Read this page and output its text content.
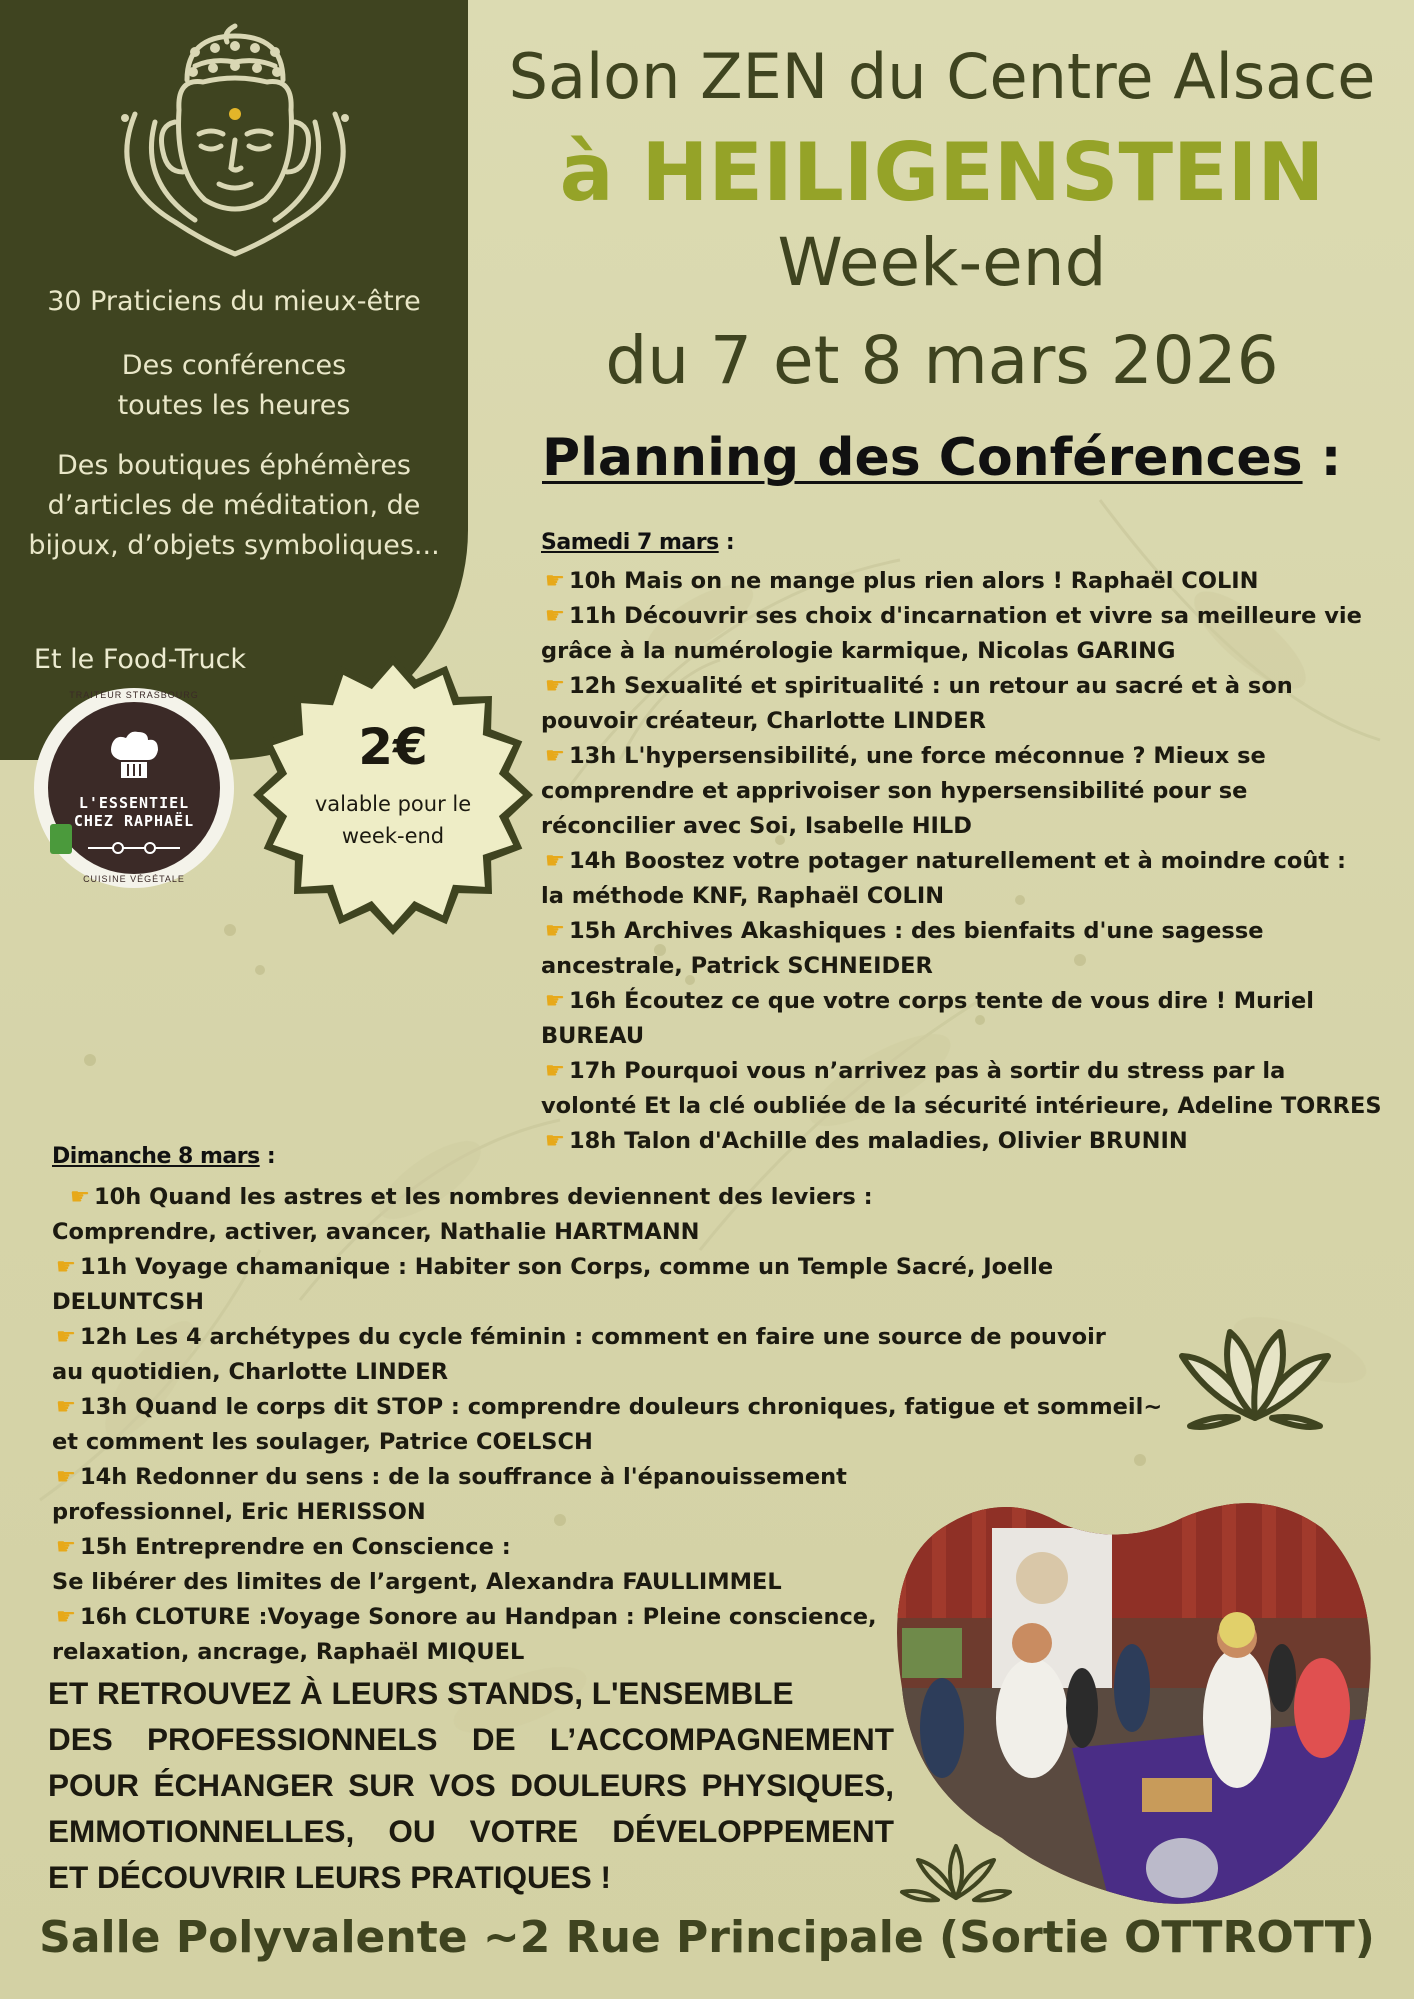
30 Praticiens du mieux-être
Des conférences
toutes les heures
Des boutiques éphémères
d’articles de méditation, de
bijoux, d’objets symboliques...
Et le Food-Truck
TRAITEUR STRASBOURG
L'ESSENTIEL
CHEZ RAPHAËL
CUISINE VÉGÉTALE
2€
valable pour le
week-end
Salon ZEN du Centre Alsace
à HEILIGENSTEIN
Week-end
du 7 et 8 mars 2026
Planning des Conférences :
Samedi 7 mars :
☛ 10h Mais on ne mange plus rien alors ! Raphaël COLIN
☛ 11h Découvrir ses choix d'incarnation et vivre sa meilleure vie
grâce à la numérologie karmique, Nicolas GARING
☛ 12h Sexualité et spiritualité : un retour au sacré et à son
pouvoir créateur, Charlotte LINDER
☛ 13h L'hypersensibilité, une force méconnue ? Mieux se
comprendre et apprivoiser son hypersensibilité pour se
réconcilier avec Soi, Isabelle HILD
☛ 14h Boostez votre potager naturellement et à moindre coût :
la méthode KNF, Raphaël COLIN
☛ 15h Archives Akashiques : des bienfaits d'une sagesse
ancestrale, Patrick SCHNEIDER
☛ 16h Écoutez ce que votre corps tente de vous dire ! Muriel
BUREAU
☛ 17h Pourquoi vous n’arrivez pas à sortir du stress par la
volonté Et la clé oubliée de la sécurité intérieure, Adeline TORRES
☛ 18h Talon d'Achille des maladies, Olivier BRUNIN
Dimanche 8 mars :
☛ 10h Quand les astres et les nombres deviennent des leviers :
Comprendre, activer, avancer, Nathalie HARTMANN
☛ 11h Voyage chamanique : Habiter son Corps, comme un Temple Sacré, Joelle DELUNTCSH
☛ 12h Les 4 archétypes du cycle féminin : comment en faire une source de pouvoir
au quotidien, Charlotte LINDER
☛ 13h Quand le corps dit STOP : comprendre douleurs chroniques, fatigue et sommeil~
et comment les soulager, Patrice COELSCH
☛ 14h Redonner du sens : de la souffrance à l'épanouissement
professionnel, Eric HERISSON
☛ 15h Entreprendre en Conscience :
Se libérer des limites de l’argent, Alexandra FAULLIMMEL
☛ 16h CLOTURE :Voyage Sonore au Handpan : Pleine conscience,
relaxation, ancrage, Raphaël MIQUEL
ET RETROUVEZ À LEURS STANDS, L'ENSEMBLE
DES PROFESSIONNELS DE L’ACCOMPAGNEMENT
POUR ÉCHANGER SUR VOS DOULEURS PHYSIQUES,
EMMOTIONNELLES, OU VOTRE DÉVELOPPEMENT
ET DÉCOUVRIR LEURS PRATIQUES !
Salle Polyvalente ~2 Rue Principale (Sortie OTTROTT)
